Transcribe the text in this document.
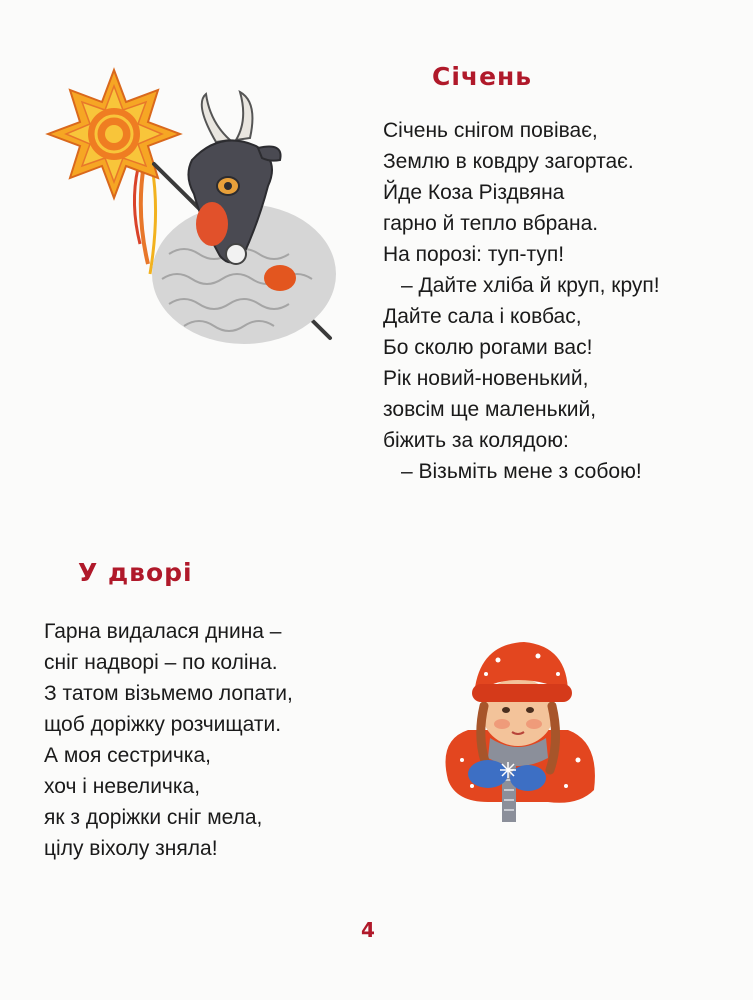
Січень
Січень снігом повіває,
Землю в ковдру загортає.
Йде Коза Різдвяна
гарно й тепло вбрана.
На порозі: туп-туп!
– Дайте хліба й круп, круп!
Дайте сала і ковбас,
Бо сколю рогами вас!
Рік новий-новенький,
зовсім ще маленький,
біжить за колядою:
– Візьміть мене з собою!
У дворі
Гарна видалася днина –
сніг надворі – по коліна.
З татом візьмемо лопати,
щоб доріжку розчищати.
А моя сестричка,
хоч і невеличка,
як з доріжки сніг мела,
цілу віхолу зняла!
4
